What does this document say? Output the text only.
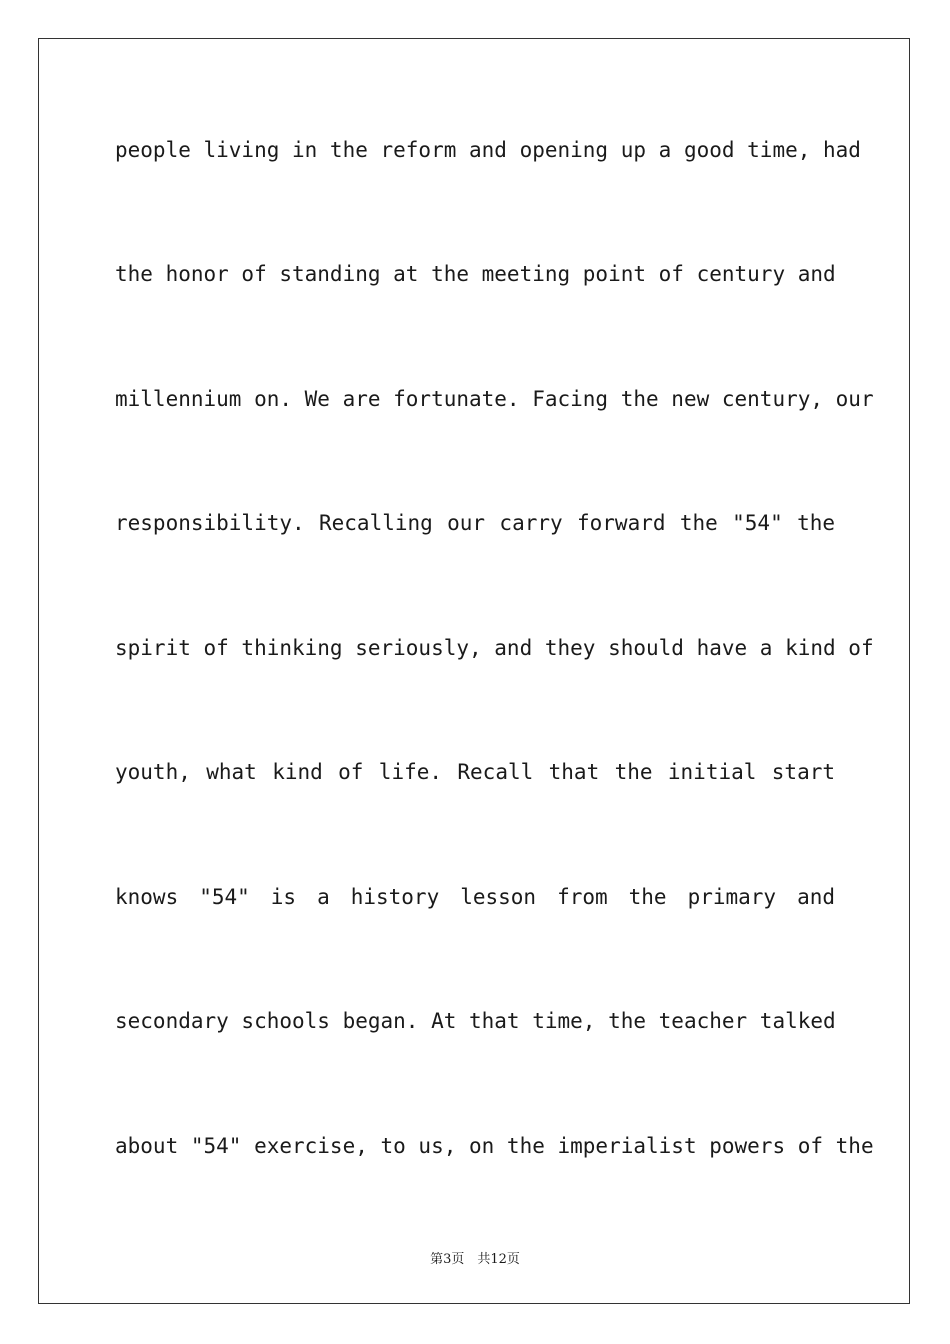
people living in the reform and opening up a good time, had
the honor of standing at the meeting point of century and
millennium on. We are fortunate. Facing the new century, our
responsibility. Recalling our carry forward the "54" the
spirit of thinking seriously, and they should have a kind of
youth, what kind of life. Recall that the initial start
knows "54" is a history lesson from the primary and
secondary schools began. At that time, the teacher talked
about "54" exercise, to us, on the imperialist powers of the
第3页　共12页
